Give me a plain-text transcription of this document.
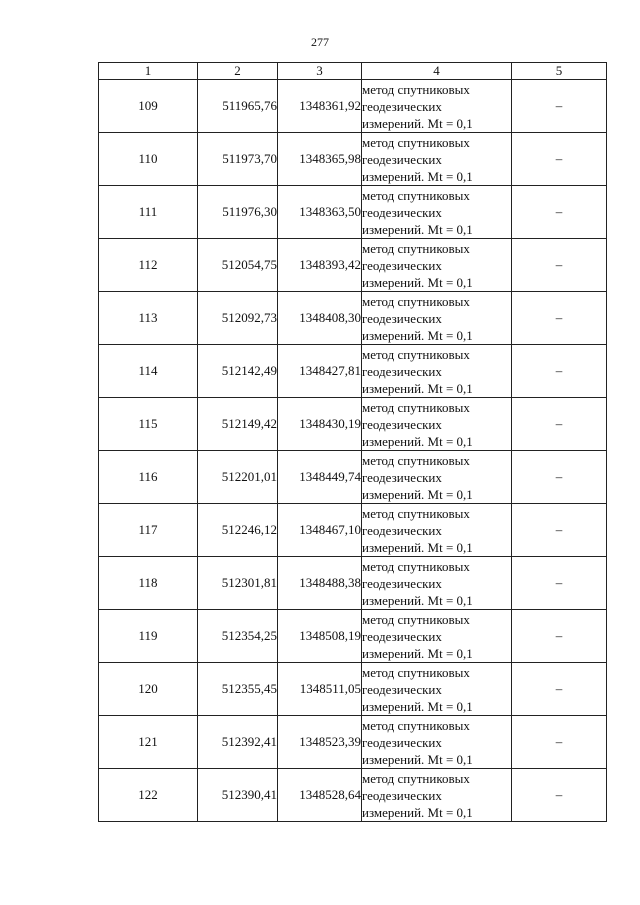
277
1	2	3	4	5
109	511965,76	1348361,92	метод спутниковых
геодезических
измерений. Mt = 0,1	–
110	511973,70	1348365,98	метод спутниковых
геодезических
измерений. Mt = 0,1	–
111	511976,30	1348363,50	метод спутниковых
геодезических
измерений. Mt = 0,1	–
112	512054,75	1348393,42	метод спутниковых
геодезических
измерений. Mt = 0,1	–
113	512092,73	1348408,30	метод спутниковых
геодезических
измерений. Mt = 0,1	–
114	512142,49	1348427,81	метод спутниковых
геодезических
измерений. Mt = 0,1	–
115	512149,42	1348430,19	метод спутниковых
геодезических
измерений. Mt = 0,1	–
116	512201,01	1348449,74	метод спутниковых
геодезических
измерений. Mt = 0,1	–
117	512246,12	1348467,10	метод спутниковых
геодезических
измерений. Mt = 0,1	–
118	512301,81	1348488,38	метод спутниковых
геодезических
измерений. Mt = 0,1	–
119	512354,25	1348508,19	метод спутниковых
геодезических
измерений. Mt = 0,1	–
120	512355,45	1348511,05	метод спутниковых
геодезических
измерений. Mt = 0,1	–
121	512392,41	1348523,39	метод спутниковых
геодезических
измерений. Mt = 0,1	–
122	512390,41	1348528,64	метод спутниковых
геодезических
измерений. Mt = 0,1	–
